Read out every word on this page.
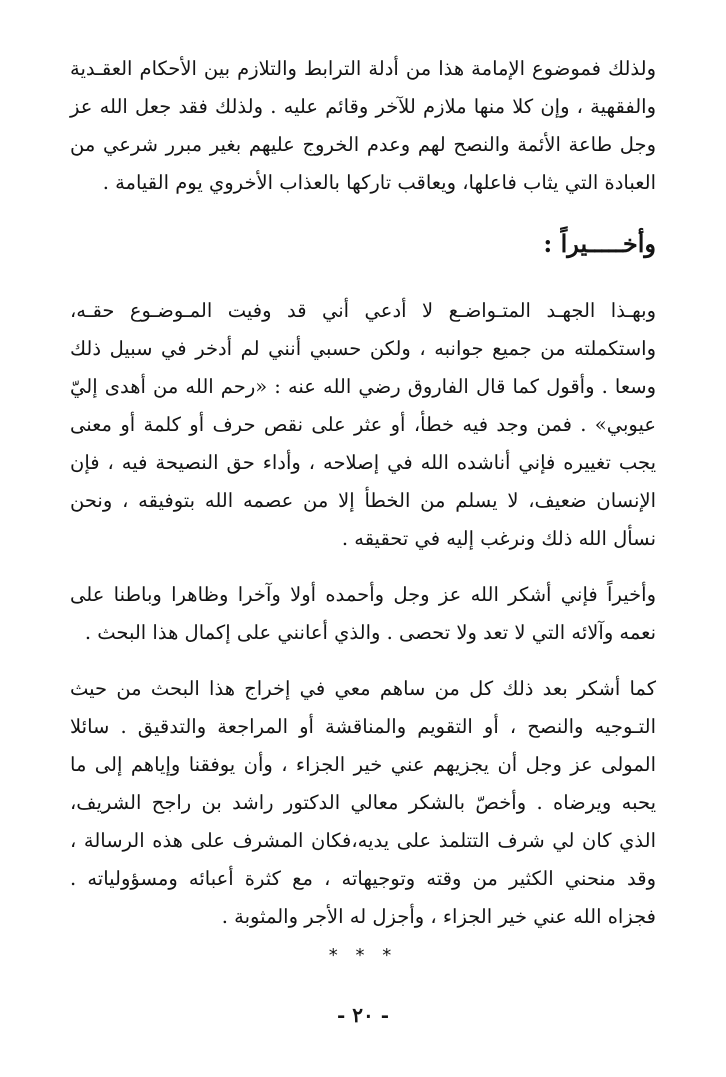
ولذلك فموضوع الإمامة هذا من أدلة الترابط والتلازم بين الأحكام العقـدية والفقهية ، وإن كلا منها ملازم للآخر وقائم عليه . ولذلك فقد جعل الله عز وجل طاعة الأئمة والنصح لهم وعدم الخروج عليهم بغير مبرر شرعي من العبادة التي يثاب فاعلها، ويعاقب تاركها بالعذاب الأخروي يوم القيامة .

وأخـــــيراً :

وبهـذا الجهـد المتـواضـع لا أدعي أني قد وفيت المـوضـوع حقـه، واستكملته من جميع جوانبه ، ولكن حسبي أنني لم أدخر في سبيل ذلك وسعا . وأقول كما قال الفاروق رضي الله عنه : «رحم الله من أهدى إليّ عيوبي» . فمن وجد فيه خطأ، أو عثر على نقص حرف أو كلمة أو معنى يجب تغييره فإني أناشده الله في إصلاحه ، وأداء حق النصيحة فيه ، فإن الإنسان ضعيف، لا يسلم من الخطأ إلا من عصمه الله بتوفيقه ، ونحن نسأل الله ذلك ونرغب إليه في تحقيقه .

وأخيراً فإني أشكر الله عز وجل وأحمده أولا وآخرا وظاهرا وباطنا على نعمه وآلائه التي لا تعد ولا تحصى . والذي أعانني على إكمال هذا البحث .

كما أشكر بعد ذلك كل من ساهم معي في إخراج هذا البحث من حيث التـوجيه والنصح ، أو التقويم والمناقشة أو المراجعة والتدقيق . سائلا المولى عز وجل أن يجزيهم عني خير الجزاء ، وأن يوفقنا وإياهم إلى ما يحبه ويرضاه . وأخصّ بالشكر معالي الدكتور راشد بن راجح الشريف، الذي كان لي شرف التتلمذ على يديه،فكان المشرف على هذه الرسالة ، وقد منحني الكثير من وقته وتوجيهاته ، مع كثرة أعبائه ومسؤولياته . فجزاه الله عني خير الجزاء ، وأجزل له الأجر والمثوبة .

* * *
- ٢٠ -
